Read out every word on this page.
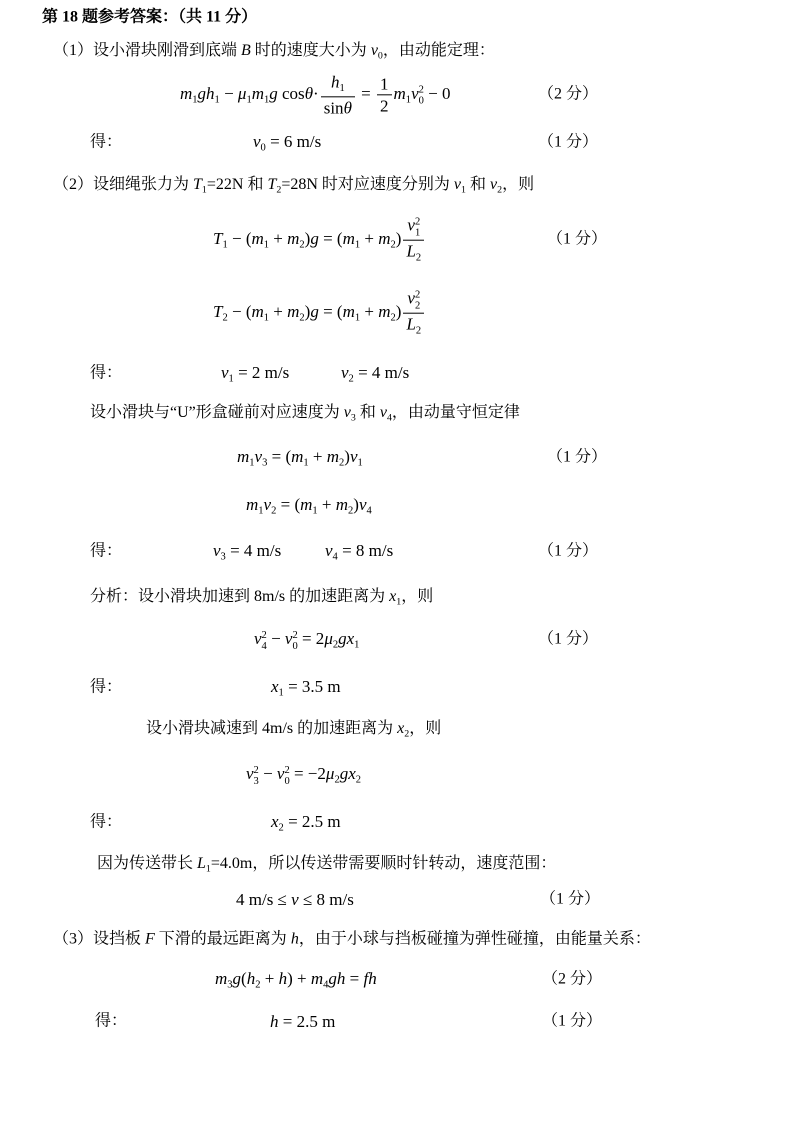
第 18 题参考答案：（共 11 分）
（1）设小滑块刚滑到底端 B 时的速度大小为 $v_0$，由动能定理：
$m_1gh_1 - \mu_1m_1g$ $\cos\theta\cdot \frac{h_1}{\sin\theta} = \frac{1}{2} m_1v$ 2
0 − 0	（2 分）
得：	$v_0 = 6$ m/s	（1 分）
（2）设细绳张力为 $T_1=22N$ 和 $T_2=28N$ 时对应速度分别为 $v_1$ 和 $v_2$，则
$T_1 - (m_1 + m_2)g = (m_1 + m_2)$ v 2
1
$L_2$	（1 分）
$T_2 - (m_1 + m_2)g = (m_1 + m_2)$ v 2
2
$L_2$
得：	$v_1 = 2$ m/s	$v_2 = 4$ m/s
设小滑块与“U”形盒碰前对应速度为 $v_3$ 和 $v_4$，由动量守恒定律
$m_1v_3 = (m_1 + m_2)v_1$	（1 分）
$m_1v_2 = (m_1 + m_2)v_4$
得：	$v_3 = 4$ m/s	$v_4 = 8$ m/s	（1 分）
分析：设小滑块加速到 8m/s 的加速距离为 $x_1$，则
v 2
4 − v 2
$0 = 2\mu_2gx_1$	（1 分）
得：	$x_1 = 3.5$ m
设小滑块减速到 4m/s 的加速距离为 $x_2$，则
v 2
3 − v 2
$0 = -2\mu_2gx_2$
得：	$x_2 = 2.5$ m
因为传送带长 $L_1=4.0m$，所以传送带需要顺时针转动，速度范围：
4 m/s ≤ v ≤ 8 m/s	（1 分）
（3）设挡板 F 下滑的最远距离为 h，由于小球与挡板碰撞为弹性碰撞，由能量关系：
$m_3g(h_2 + h) + m_4gh$ = fh	（2 分）
得：	h = 2.5 m	（1 分）
